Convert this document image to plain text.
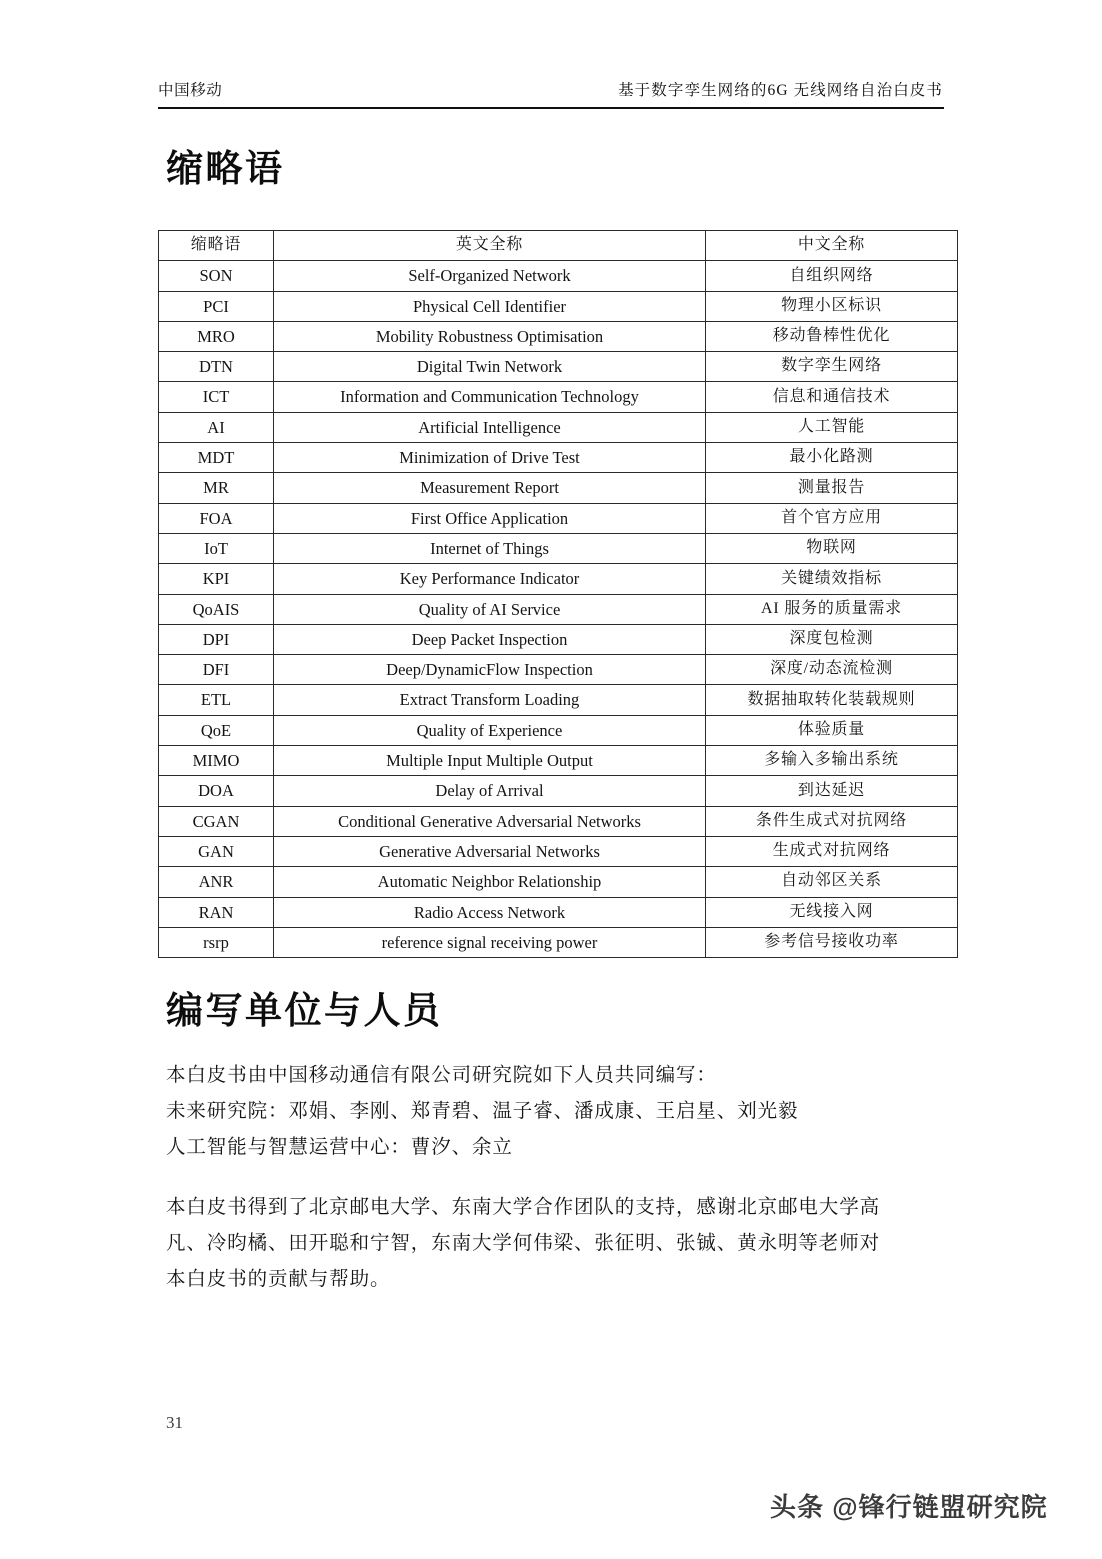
中国移动	基于数字孪生网络的6G 无线网络自治白皮书
缩略语
缩略语	英文全称	中文全称
SON	Self-Organized Network	自组织网络
PCI	Physical Cell Identifier	物理小区标识
MRO	Mobility Robustness Optimisation	移动鲁棒性优化
DTN	Digital Twin Network	数字孪生网络
ICT	Information and Communication Technology	信息和通信技术
AI	Artificial Intelligence	人工智能
MDT	Minimization of Drive Test	最小化路测
MR	Measurement Report	测量报告
FOA	First Office Application	首个官方应用
IoT	Internet of Things	物联网
KPI	Key Performance Indicator	关键绩效指标
QoAIS	Quality of AI Service	AI 服务的质量需求
DPI	Deep Packet Inspection	深度包检测
DFI	Deep/DynamicFlow Inspection	深度/动态流检测
ETL	Extract Transform Loading	数据抽取转化装载规则
QoE	Quality of Experience	体验质量
MIMO	Multiple Input Multiple Output	多输入多输出系统
DOA	Delay of Arrival	到达延迟
CGAN	Conditional Generative Adversarial Networks	条件生成式对抗网络
GAN	Generative Adversarial Networks	生成式对抗网络
ANR	Automatic Neighbor Relationship	自动邻区关系
RAN	Radio Access Network	无线接入网
rsrp	reference signal receiving power	参考信号接收功率
编写单位与人员
本白皮书由中国移动通信有限公司研究院如下人员共同编写：
未来研究院：邓娟、李刚、郑青碧、温子睿、潘成康、王启星、刘光毅
人工智能与智慧运营中心：曹汐、余立
本白皮书得到了北京邮电大学、东南大学合作团队的支持，感谢北京邮电大学高
凡、冷昀橘、田开聪和宁智，东南大学何伟梁、张征明、张铖、黄永明等老师对
本白皮书的贡献与帮助。
31
头条 @锋行链盟研究院
